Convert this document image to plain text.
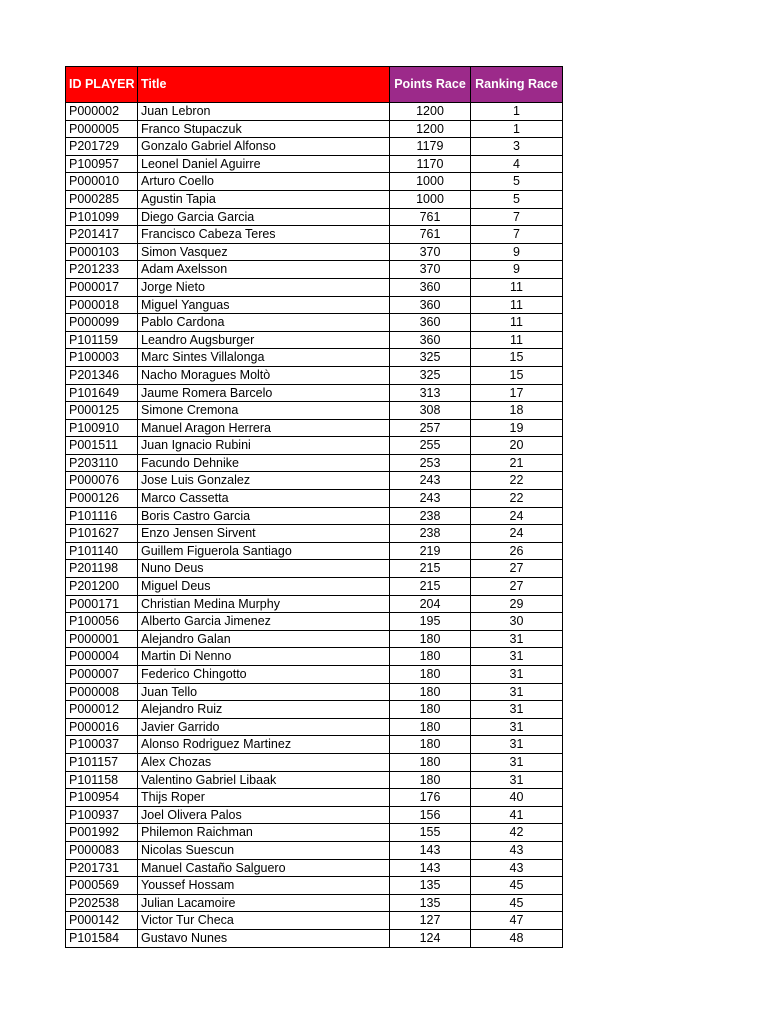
ID PLAYER	Title	Points Race	Ranking Race
P000002	Juan Lebron	1200	1
P000005	Franco Stupaczuk	1200	1
P201729	Gonzalo Gabriel Alfonso	1179	3
P100957	Leonel Daniel Aguirre	1170	4
P000010	Arturo Coello	1000	5
P000285	Agustin Tapia	1000	5
P101099	Diego Garcia Garcia	761	7
P201417	Francisco Cabeza Teres	761	7
P000103	Simon Vasquez	370	9
P201233	Adam Axelsson	370	9
P000017	Jorge Nieto	360	11
P000018	Miguel Yanguas	360	11
P000099	Pablo Cardona	360	11
P101159	Leandro Augsburger	360	11
P100003	Marc Sintes Villalonga	325	15
P201346	Nacho Moragues Moltò	325	15
P101649	Jaume Romera Barcelo	313	17
P000125	Simone Cremona	308	18
P100910	Manuel Aragon Herrera	257	19
P001511	Juan Ignacio Rubini	255	20
P203110	Facundo Dehnike	253	21
P000076	Jose Luis Gonzalez	243	22
P000126	Marco Cassetta	243	22
P101116	Boris Castro Garcia	238	24
P101627	Enzo Jensen Sirvent	238	24
P101140	Guillem Figuerola Santiago	219	26
P201198	Nuno Deus	215	27
P201200	Miguel Deus	215	27
P000171	Christian Medina Murphy	204	29
P100056	Alberto Garcia Jimenez	195	30
P000001	Alejandro Galan	180	31
P000004	Martin Di Nenno	180	31
P000007	Federico Chingotto	180	31
P000008	Juan Tello	180	31
P000012	Alejandro Ruiz	180	31
P000016	Javier Garrido	180	31
P100037	Alonso Rodriguez Martinez	180	31
P101157	Alex Chozas	180	31
P101158	Valentino Gabriel Libaak	180	31
P100954	Thijs Roper	176	40
P100937	Joel Olivera Palos	156	41
P001992	Philemon Raichman	155	42
P000083	Nicolas Suescun	143	43
P201731	Manuel Castaño Salguero	143	43
P000569	Youssef Hossam	135	45
P202538	Julian Lacamoire	135	45
P000142	Victor Tur Checa	127	47
P101584	Gustavo Nunes	124	48
